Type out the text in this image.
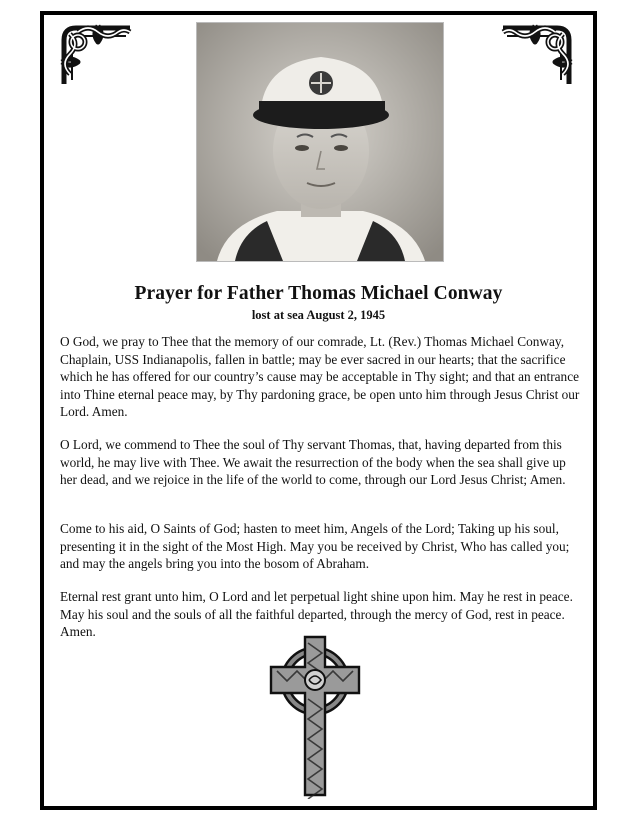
Prayer for Father Thomas Michael Conway

lost at sea August 2, 1945

O God, we pray to Thee that the memory of our comrade, Lt. (Rev.) Thomas Michael Conway, Chaplain, USS Indianapolis, fallen in battle; may be ever sacred in our hearts; that the sacrifice which he has offered for our country’s cause may be acceptable in Thy sight; and that an entrance into Thine eternal peace may, by Thy pardoning grace, be open unto him through Jesus Christ our Lord. Amen.

O Lord, we commend to Thee the soul of Thy servant Thomas, that, having departed from this world, he may live with Thee. We await the resurrection of the body when the sea shall give up her dead, and we rejoice in the life of the world to come, through our Lord Jesus Christ; Amen.

Come to his aid, O Saints of God; hasten to meet him, Angels of the Lord; Taking up his soul, presenting it in the sight of the Most High. May you be received by Christ, Who has called you; and may the angels bring you into the bosom of Abraham.

Eternal rest grant unto him, O Lord and let perpetual light shine upon him. May he rest in peace. May his soul and the souls of all the faithful departed, through the mercy of God, rest in peace. Amen.
